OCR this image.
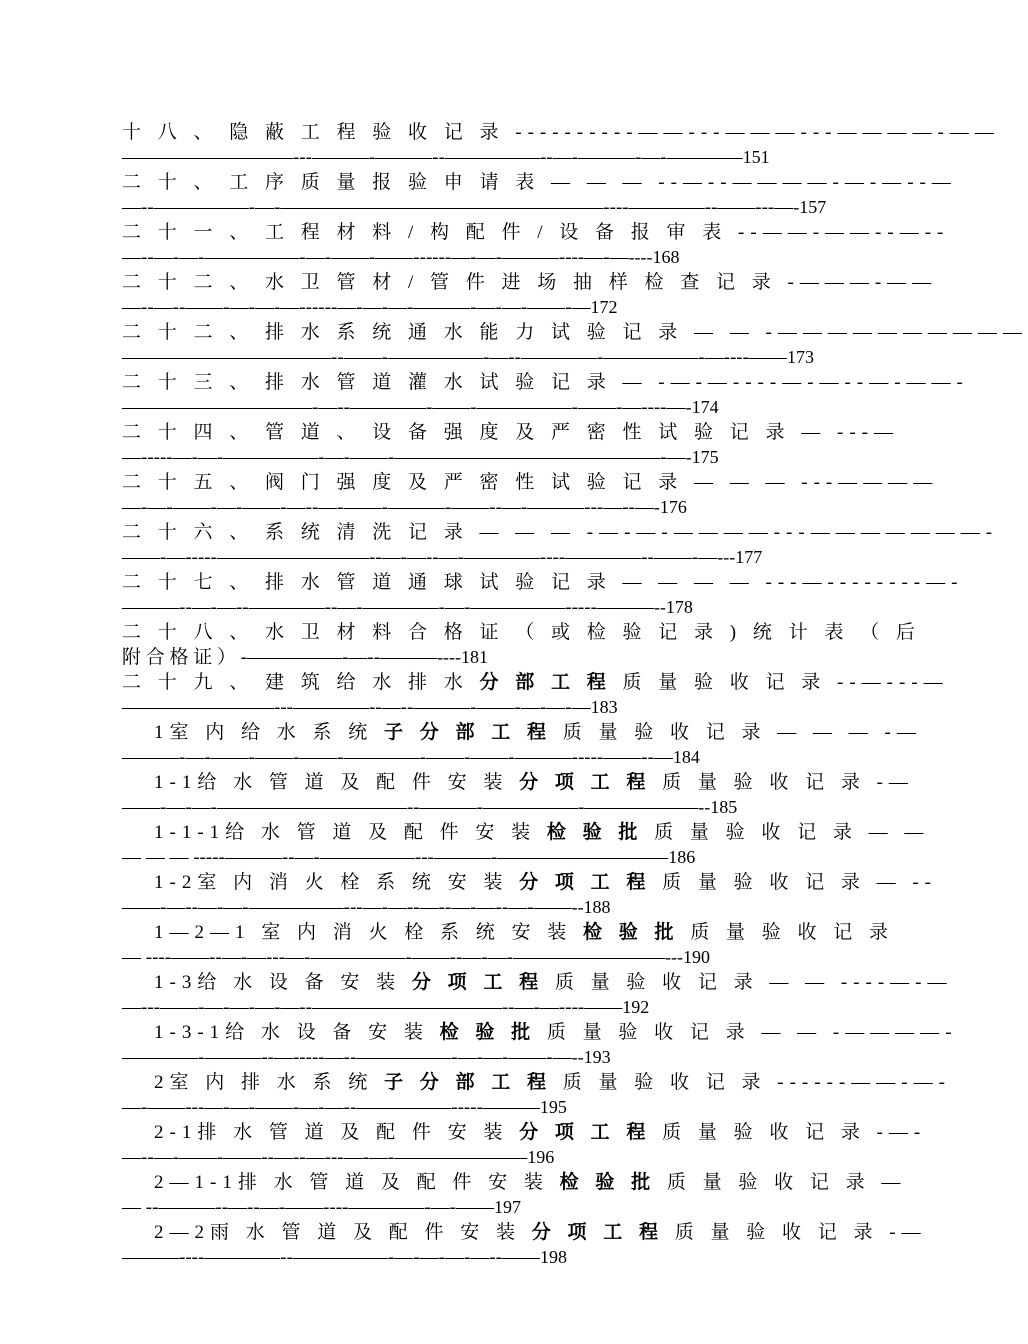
十 八 、 隐 蔽 工 程 验 收 记 录 ----------——---———---————-——
—————————---———-———--—————--—-———-—-————151
二 十 、 工 序 质 量 报 验 申 请 表 — — — --—--————-—-—--—
—--—————-—-—————————————————----————--——---—-157
二 十 一 、 工 程 材 料 / 构 配 件 / 设 备 报 审 表 --——-——--—--
—--—-—-—————-—-——-——------—-—-———----—-—----168
二 十 二 、 水 卫 管 材 / 管 件 进 场 抽 样 检 查 记 录 -———-——
—--—--——-—-—-—------—-—-—-———-—-—-——-—172
二 十 二 、 排 水 系 统 通 水 能 力 试 验 记 录 — — -——————————
———————————--——-—————-—--————-—————-—----——173
二 十 三 、 排 水 管 道 灌 水 试 验 记 录 — -—-—----—-—--—-——-
——————————-—--————-——-—————-——-—----—-174
二 十 四 、 管 道 、 设 备 强 度 及 严 密 性 试 验 记 录 — ---—
—-----—-—-—————-—-——-——————————————-—-175
二 十 五 、 阀 门 强 度 及 严 密 性 试 验 记 录 — — — ---————
—-—-——-—-——-—--—-——-———-——--—-———---—--—-176
二 十 六 、 系 统 清 洗 记 录 — — — -—-—-————---———————-
——-—-----————————--—-—--—-————----————--——-—---177
二 十 七 、 排 水 管 道 通 球 试 验 记 录 — — — — ---—--------—-
———--—-—--————--—-————-—-—————-----———--178
二 十 八 、 水 卫 材 料 合 格 证 （ 或 检 验 记 录 ) 统 计 表 （ 后
附 合 格 证 ） -—————-—--———----181
二 十 九 、 建 筑 给 水 排 水 分 部 工 程 质 量 验 收 记 录 --—---—
————————---————--—--———-——-—-—-—183
1室 内 给 水 系 统 子 分 部 工 程 质 量 验 收 记 录 — — — -—
———-—-——-——-——-————-——-——-———-----——--—184
1-1给 水 管 道 及 配 件 安 装 分 项 工 程 质 量 验 收 记 录 -—
——-—-—-——————————--———-—————-——————--185
1-1-1给 水 管 道 及 配 件 安 装 检 验 批 质 量 验 收 记 录 — —
— — — -----———--—-—————---———-—————————186
1-2室 内 消 火 栓 系 统 安 装 分 项 工 程 质 量 验 收 记 录 — --
——-—--—-—-—————---—-—--—--—-—--—-——--188
1—2—1 室 内 消 火 栓 系 统 安 装 检 验 批 质 量 验 收 记 录
— ----——--—-—---—-—————-——--—-—-————————---190
1-3给 水 设 备 安 装 分 项 工 程 质 量 验 收 记 录 — — ----—-—
—---——-—-—-—-—--——————————--—-—----——192
1-3-1给 水 设 备 安 装 检 验 批 质 量 验 收 记 录 — — -————-
————-———--—-----—--—————-—-—-——-—--193
2室 内 排 水 系 统 子 分 部 工 程 质 量 验 收 记 录 ------——-—-
—-——---—-—-——-—-—--—————-----———195
2-1排 水 管 道 及 配 件 安 装 分 项 工 程 质 量 验 收 记 录 -—-
—--—-——-——--—--—---—-—-———————196
2—1-1排 水 管 道 及 配 件 安 装 检 验 批 质 量 验 收 记 录 —
— --———--—--—-——----————-—-——197
2—2雨 水 管 道 及 配 件 安 装 分 项 工 程 质 量 验 收 记 录 -—
———----————--—————-—-—-—-—--——198
